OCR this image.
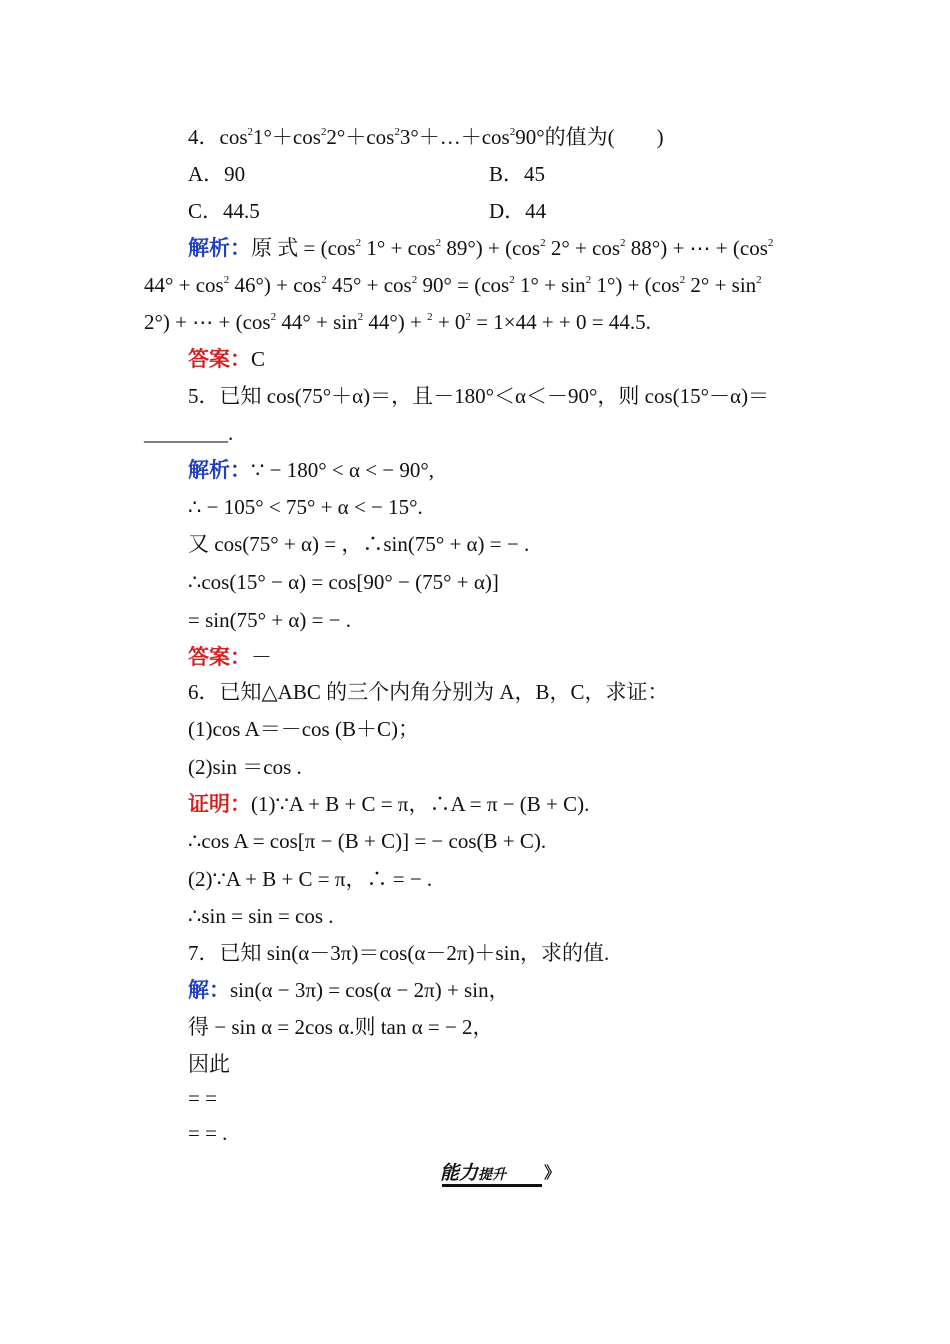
4．$\cos^21^\circ+\cos^22^\circ+\cos^23^\circ+\dots+\cos^290^\circ$的值为(　　)
A．90	B．45
C．44.5	D．44
解析：原 式 = ($\cos^2$ $1^\circ + \cos^2 89^\circ) + (\cos^2$ $2^\circ + \cos^2 88^\circ$) + ⋯ + ($\cos^2$
$44^\circ + \cos^2 46^\circ) + \cos^2 45^\circ + \cos^2 90^\circ = (\cos^2$ $1^\circ + \sin^2 1^\circ) + (\cos^2$ $2^\circ + \sin^2$
2°) + ⋯ + ($\cos^2$ $44^\circ + \sin^2 44^\circ) + ^2 + 0^2 = 1\times 44$ + + 0 = 44.5.
答案：C
5．已知 cos(75°＋α)＝，且－180°＜α＜－90°，则 cos(15°－α)＝
________.
解析：∵ − 180° < α < − 90°,
∴ − 105° < 75° + α < − 15°.
又 cos(75° + α) = ，∴sin(75° + α) = − .
∴cos(15° − α) = cos[90° − (75° + α)]
= sin(75° + α) = − .
答案：－
6．已知△ABC 的三个内角分别为 A，B，C，求证：
(1)cos A＝－cos (B＋C)；
(2)sin ＝cos .
证明：(1)∵A + B + C = π，∴A = π − (B + C).
∴cos A = cos[π − (B + C)] = − cos(B + C).
(2)∵A + B + C = π，∴ = − .
∴sin = sin = cos .
7．已知 sin(α－3π)＝cos(α－2π)＋sin，求的值.
解：sin(α − 3π) = cos(α − 2π) + sin，
得 − sin α = 2cos α.则 tan α = − 2，
因此
= =
= = .
能力提升 》
